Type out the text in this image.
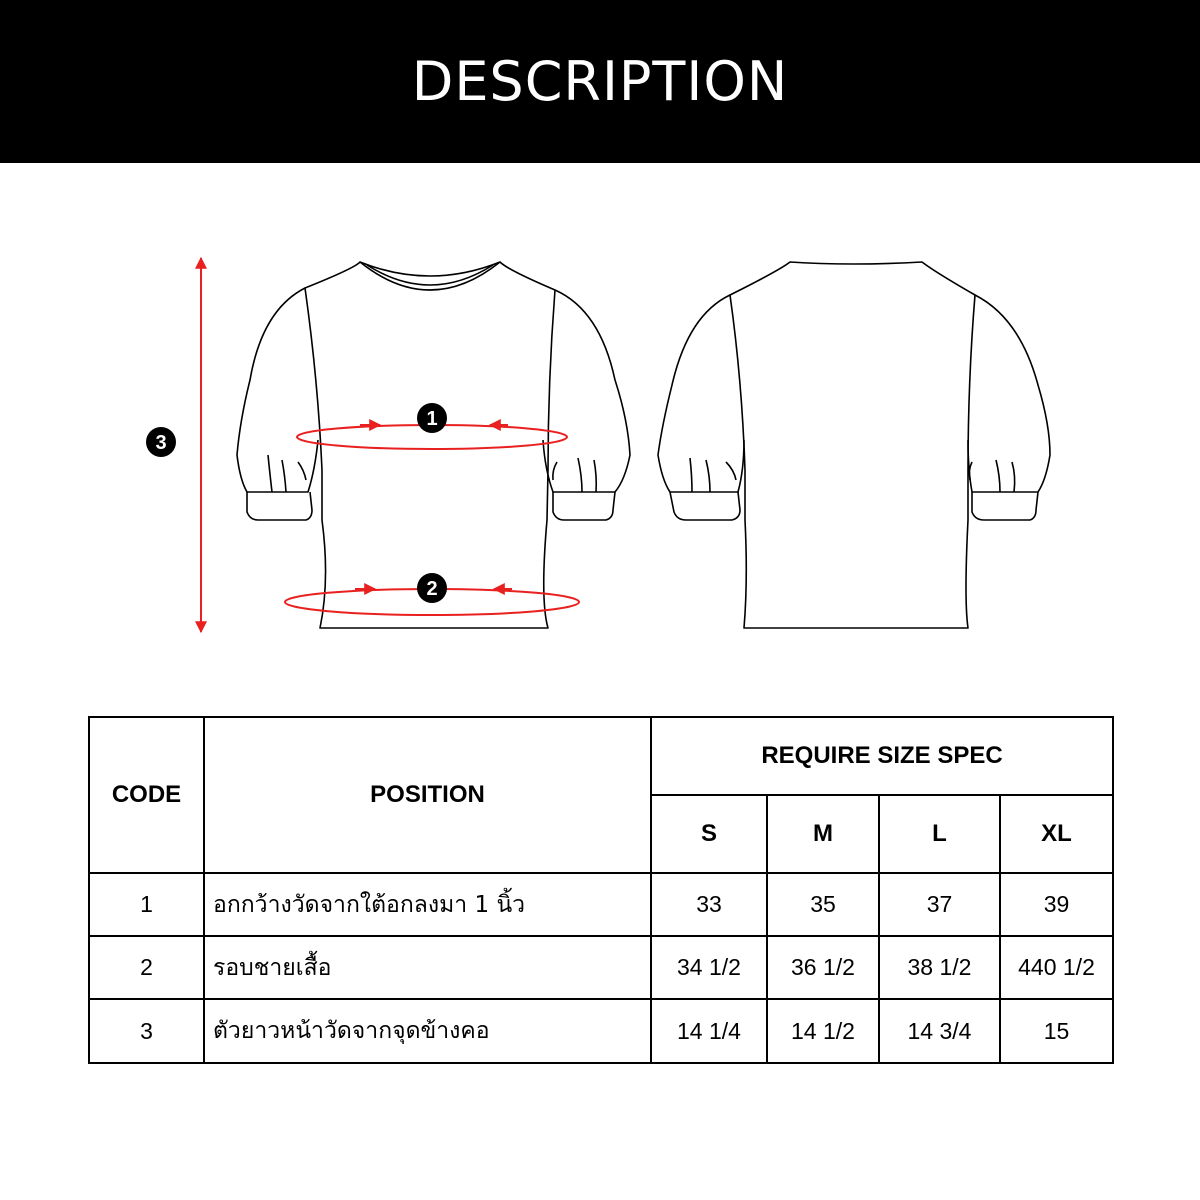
DESCRIPTION
1
2
3
CODE	POSITION	REQUIRE SIZE SPEC			
		S	M	L	XL
1	อกกว้างวัดจากใต้อกลงมา 1 นิ้ว	33	35	37	39
2	รอบชายเสื้อ	34 1/2	36 1/2	38 1/2	440 1/2
3	ตัวยาวหน้าวัดจากจุดข้างคอ	14 1/4	14 1/2	14 3/4	15
